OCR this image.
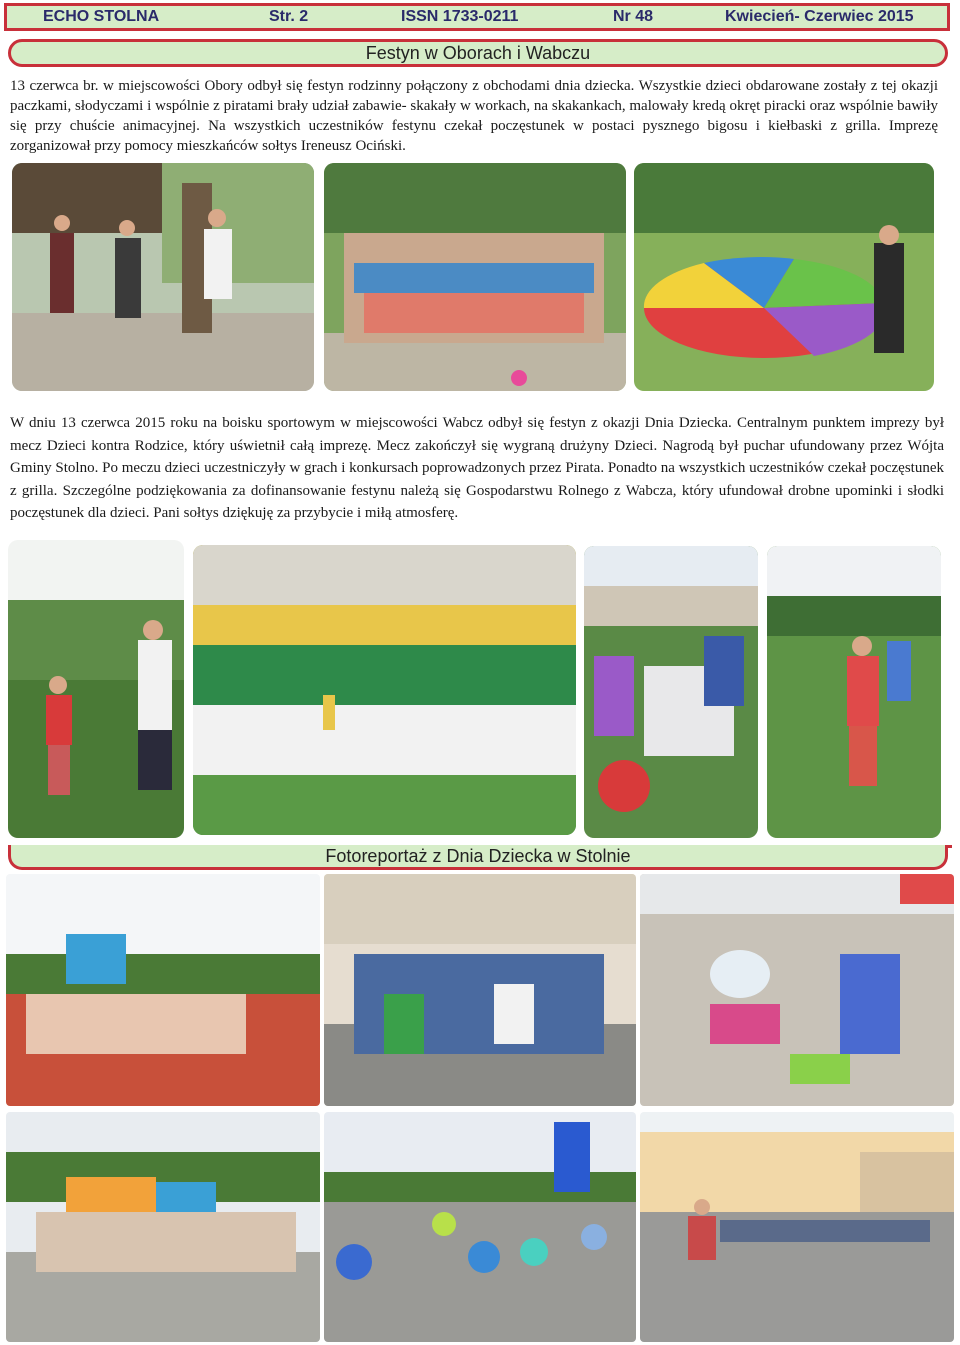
ECHO STOLNA	Str. 2	ISSN 1733-0211	Nr 48	Kwiecień- Czerwiec 2015
Festyn w Oborach i Wabczu

13 czerwca br. w miejscowości Obory odbył się festyn rodzinny połączony z obchodami dnia dziecka. Wszystkie dzieci obdarowane zostały z tej okazji paczkami, słodyczami i wspólnie z piratami brały udział zabawie- skakały w workach, na skakankach, malowały kredą okręt piracki oraz wspólnie bawiły się przy chuście animacyjnej. Na wszystkich uczestników festynu czekał poczęstunek w postaci pysznego bigosu i kiełbaski z grilla. Imprezę zorganizował przy pomocy mieszkańców sołtys Ireneusz Ociński.

W dniu 13 czerwca 2015 roku na boisku sportowym w miejscowości Wabcz odbył się festyn z okazji Dnia Dziecka. Centralnym punktem imprezy był mecz Dzieci kontra Rodzice, który uświetnił całą imprezę. Mecz zakończył się wygraną drużyny Dzieci. Nagrodą był puchar ufundowany przez Wójta Gminy Stolno. Po meczu dzieci uczestniczyły w grach i konkursach poprowadzonych przez Pirata. Ponadto na wszystkich uczestników czekał poczęstunek z grilla. Szczególne podziękowania za dofinansowanie festynu należą się Gospodarstwu Rolnego z Wabcza, który ufundował drobne upominki i słodki poczęstunek dla dzieci. Pani sołtys dziękuję za przybycie i miłą atmosferę.

Fotoreportaż z Dnia Dziecka w Stolnie
